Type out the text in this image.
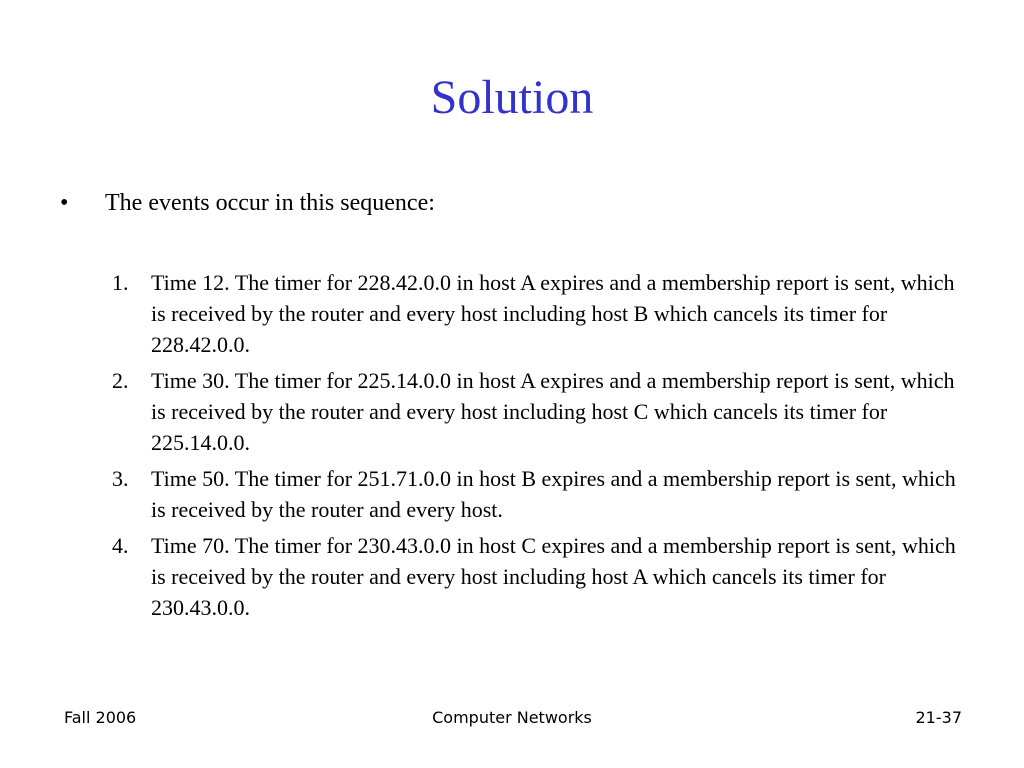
Solution
•	The events occur in this sequence:
1. Time 12. The timer for 228.42.0.0 in host A expires and a membership report is sent, which is received by the router and every host including host B which cancels its timer for 228.42.0.0.
2. Time 30. The timer for 225.14.0.0 in host A expires and a membership report is sent, which is received by the router and every host including host C which cancels its timer for 225.14.0.0.
3. Time 50. The timer for 251.71.0.0 in host B expires and a membership report is sent, which is received by the router and every host.
4. Time 70. The timer for 230.43.0.0 in host C expires and a membership report is sent, which is received by the router and every host including host A which cancels its timer for 230.43.0.0.
Fall 2006	Computer Networks	21-37
